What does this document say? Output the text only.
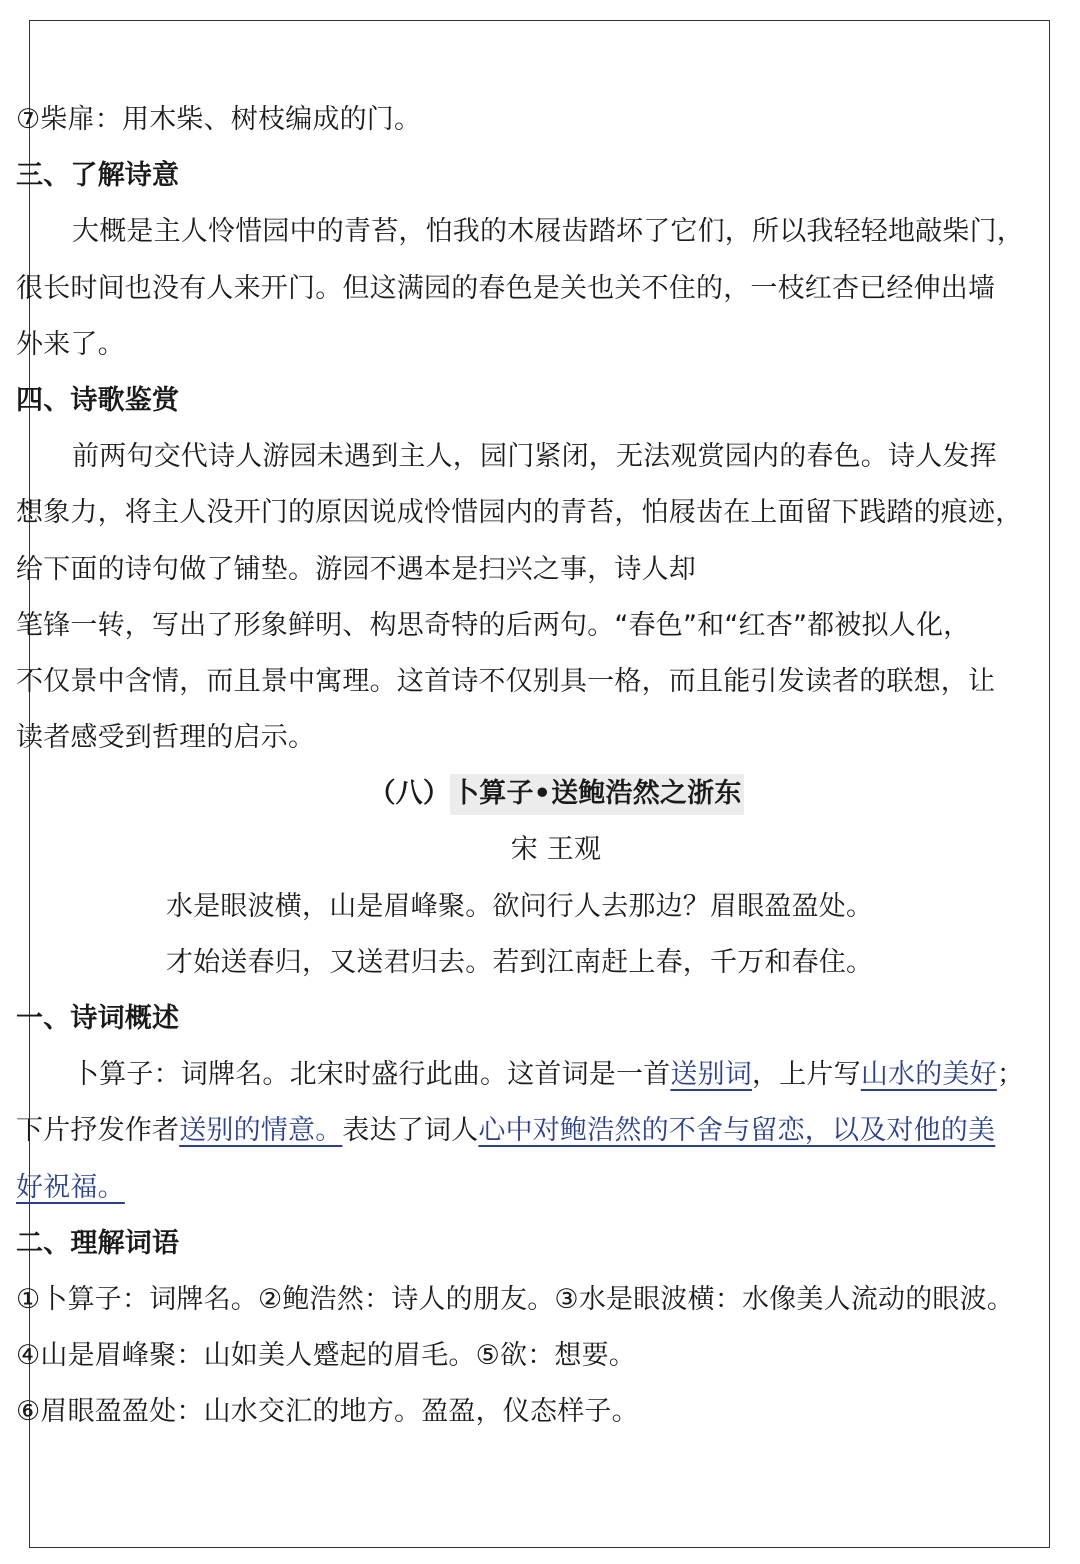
⑦柴扉：用木柴、树枝编成的门。
三、了解诗意
大概是主人怜惜园中的青苔，怕我的木屐齿踏坏了它们，所以我轻轻地敲柴门，
很长时间也没有人来开门。但这满园的春色是关也关不住的，一枝红杏已经伸出墙
外来了。
四、诗歌鉴赏
前两句交代诗人游园未遇到主人，园门紧闭，无法观赏园内的春色。诗人发挥
想象力，将主人没开门的原因说成怜惜园内的青苔，怕屐齿在上面留下践踏的痕迹，
给下面的诗句做了铺垫。游园不遇本是扫兴之事，诗人却
笔锋一转，写出了形象鲜明、构思奇特的后两句。“春色”和“红杏”都被拟人化，
不仅景中含情，而且景中寓理。这首诗不仅别具一格，而且能引发读者的联想，让
读者感受到哲理的启示。
（八）卜算子•送鲍浩然之浙东
宋 王观
水是眼波横，山是眉峰聚。欲问行人去那边？眉眼盈盈处。
才始送春归，又送君归去。若到江南赶上春，千万和春住。
一、诗词概述
卜算子：词牌名。北宋时盛行此曲。这首词是一首送别词，上片写山水的美好；
下片抒发作者送别的情意。表达了词人心中对鲍浩然的不舍与留恋，以及对他的美
好祝福。
二、理解词语
①卜算子：词牌名。②鲍浩然：诗人的朋友。③水是眼波横：水像美人流动的眼波。
④山是眉峰聚：山如美人蹙起的眉毛。⑤欲：想要。
⑥眉眼盈盈处：山水交汇的地方。盈盈，仪态样子。
